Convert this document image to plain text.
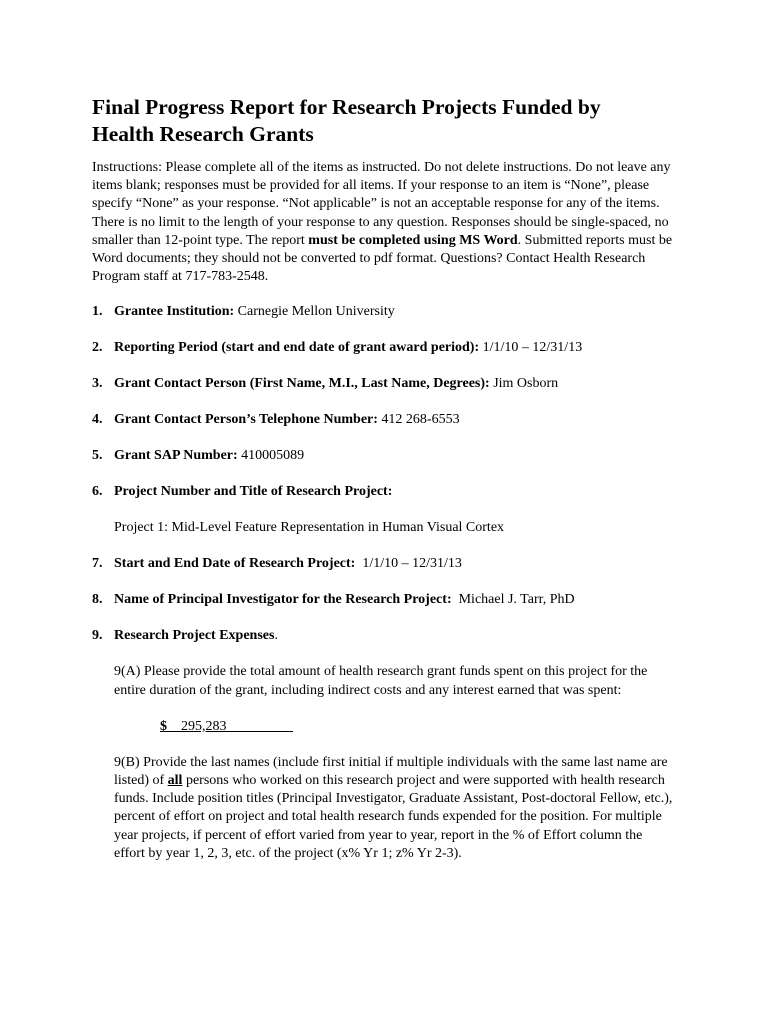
Final Progress Report for Research Projects Funded by Health Research Grants

Instructions: Please complete all of the items as instructed. Do not delete instructions. Do not leave any items blank; responses must be provided for all items. If your response to an item is “None”, please specify “None” as your response. “Not applicable” is not an acceptable response for any of the items. There is no limit to the length of your response to any question. Responses should be single-spaced, no smaller than 12-point type. The report must be completed using MS Word. Submitted reports must be Word documents; they should not be converted to pdf format. Questions? Contact Health Research Program staff at 717-783-2548.

1. Grantee Institution: Carnegie Mellon University
2. Reporting Period (start and end date of grant award period): 1/1/10 – 12/31/13
3. Grant Contact Person (First Name, M.I., Last Name, Degrees): Jim Osborn
4. Grant Contact Person’s Telephone Number: 412 268-6553
5. Grant SAP Number: 410005089
6. Project Number and Title of Research Project:
Project 1: Mid-Level Feature Representation in Human Visual Cortex
7. Start and End Date of Research Project:  1/1/10 – 12/31/13
8. Name of Principal Investigator for the Research Project:  Michael J. Tarr, PhD
9. Research Project Expenses.

9(A) Please provide the total amount of health research grant funds spent on this project for the entire duration of the grant, including indirect costs and any interest earned that was spent:

$    295,283

9(B) Provide the last names (include first initial if multiple individuals with the same last name are listed) of all persons who worked on this research project and were supported with health research funds. Include position titles (Principal Investigator, Graduate Assistant, Post-doctoral Fellow, etc.), percent of effort on project and total health research funds expended for the position. For multiple year projects, if percent of effort varied from year to year, report in the % of Effort column the effort by year 1, 2, 3, etc. of the project (x% Yr 1; z% Yr 2-3).
